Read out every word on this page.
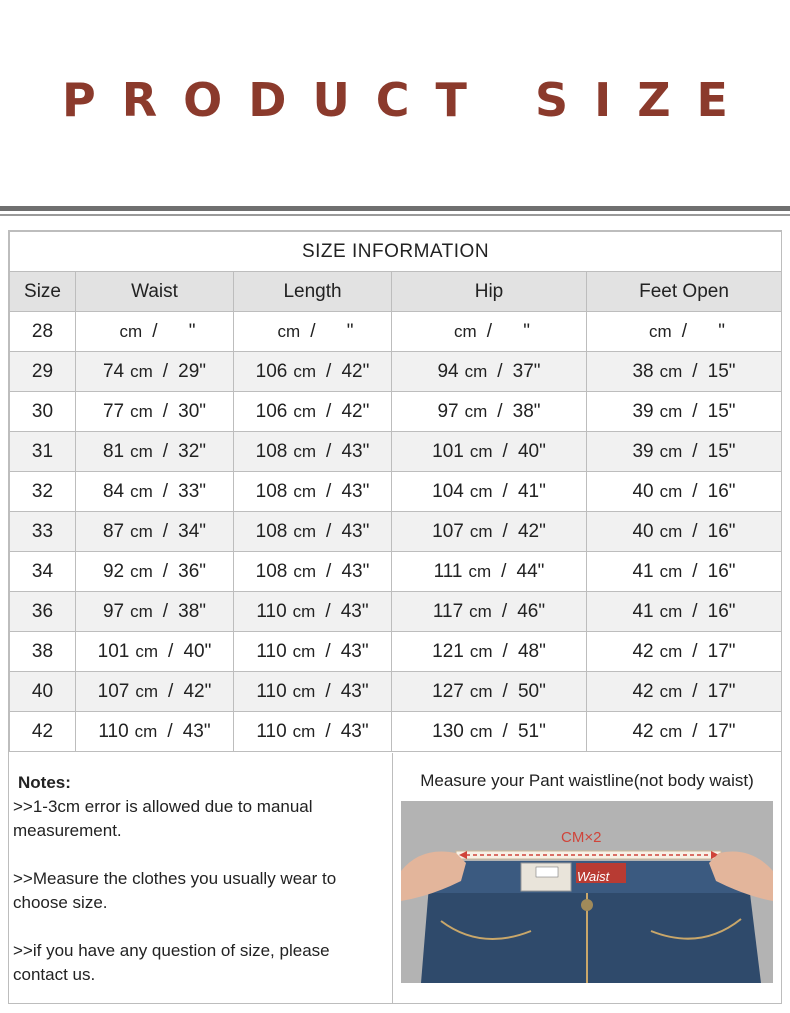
PRODUCT SIZE
SIZE INFORMATION				
Size	Waist	Length	Hip	Feet Open
28	cm / "	cm / "	cm / "	cm / "
29	74 cm / 29"	106 cm / 42"	94 cm / 37"	38 cm / 15"
30	77 cm / 30"	106 cm / 42"	97 cm / 38"	39 cm / 15"
31	81 cm / 32"	108 cm / 43"	101 cm / 40"	39 cm / 15"
32	84 cm / 33"	108 cm / 43"	104 cm / 41"	40 cm / 16"
33	87 cm / 34"	108 cm / 43"	107 cm / 42"	40 cm / 16"
34	92 cm / 36"	108 cm / 43"	111 cm / 44"	41 cm / 16"
36	97 cm / 38"	110 cm / 43"	117 cm / 46"	41 cm / 16"
38	101 cm / 40"	110 cm / 43"	121 cm / 48"	42 cm / 17"
40	107 cm / 42"	110 cm / 43"	127 cm / 50"	42 cm / 17"
42	110 cm / 43"	110 cm / 43"	130 cm / 51"	42 cm / 17"

Notes:

>>1-3cm error is allowed due to manual measurement.

>>Measure the clothes you usually wear to choose size.

>>if you have any question of size, please contact us.

Measure your Pant waistline(not body waist)

CM×2
Waist
